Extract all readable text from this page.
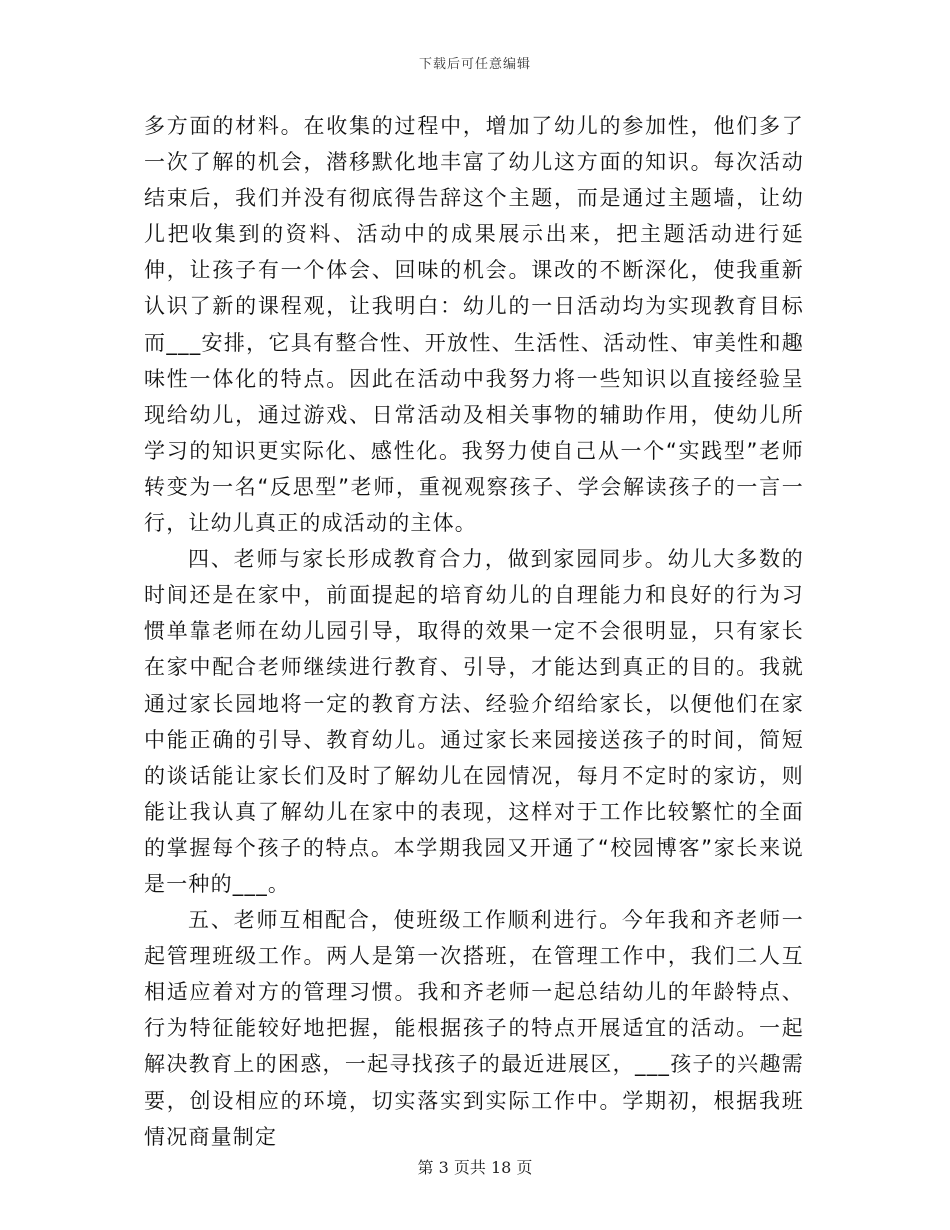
下载后可任意编辑

多方面的材料。在收集的过程中，增加了幼儿的参加性，他们多了一次了解的机会，潜移默化地丰富了幼儿这方面的知识。每次活动结束后，我们并没有彻底得告辞这个主题，而是通过主题墙，让幼儿把收集到的资料、活动中的成果展示出来，把主题活动进行延伸，让孩子有一个体会、回味的机会。课改的不断深化，使我重新认识了新的课程观，让我明白：幼儿的一日活动均为实现教育目标而___安排，它具有整合性、开放性、生活性、活动性、审美性和趣味性一体化的特点。因此在活动中我努力将一些知识以直接经验呈现给幼儿，通过游戏、日常活动及相关事物的辅助作用，使幼儿所学习的知识更实际化、感性化。我努力使自己从一个“实践型”老师转变为一名“反思型”老师，重视观察孩子、学会解读孩子的一言一行，让幼儿真正的成活动的主体。

四、老师与家长形成教育合力，做到家园同步。幼儿大多数的时间还是在家中，前面提起的培育幼儿的自理能力和良好的行为习惯单靠老师在幼儿园引导，取得的效果一定不会很明显，只有家长在家中配合老师继续进行教育、引导，才能达到真正的目的。我就通过家长园地将一定的教育方法、经验介绍给家长，以便他们在家中能正确的引导、教育幼儿。通过家长来园接送孩子的时间，简短的谈话能让家长们及时了解幼儿在园情况，每月不定时的家访，则能让我认真了解幼儿在家中的表现，这样对于工作比较繁忙的全面的掌握每个孩子的特点。本学期我园又开通了“校园博客”家长来说是一种的___。

五、老师互相配合，使班级工作顺利进行。今年我和齐老师一起管理班级工作。两人是第一次搭班，在管理工作中，我们二人互相适应着对方的管理习惯。我和齐老师一起总结幼儿的年龄特点、行为特征能较好地把握，能根据孩子的特点开展适宜的活动。一起解决教育上的困惑，一起寻找孩子的最近进展区，___孩子的兴趣需要，创设相应的环境，切实落实到实际工作中。学期初，根据我班情况商量制定

第 3 页共 18 页
